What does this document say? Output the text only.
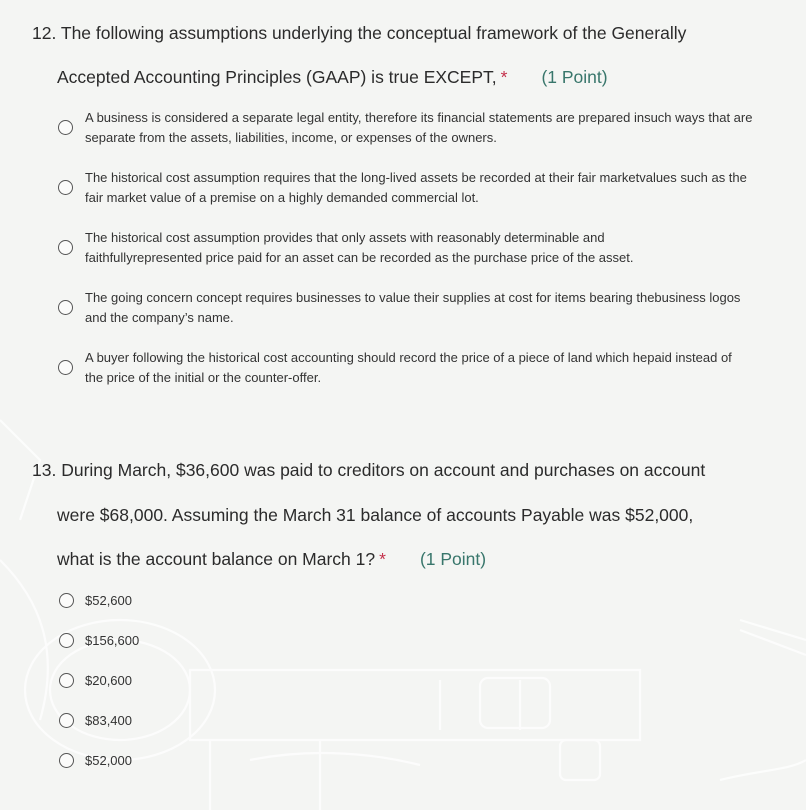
12. The following assumptions underlying the conceptual framework of the Generally
Accepted Accounting Principles (GAAP) is true EXCEPT, * (1 Point)
A business is considered a separate legal entity, therefore its financial statements are prepared insuch ways that are separate from the assets, liabilities, income, or expenses of the owners.
The historical cost assumption requires that the long-lived assets be recorded at their fair marketvalues such as the fair market value of a premise on a highly demanded commercial lot.
The historical cost assumption provides that only assets with reasonably determinable and faithfullyrepresented price paid for an asset can be recorded as the purchase price of the asset.
The going concern concept requires businesses to value their supplies at cost for items bearing thebusiness logos and the company’s name.
A buyer following the historical cost accounting should record the price of a piece of land which hepaid instead of the price of the initial or the counter-offer.
13. During March, $36,600 was paid to creditors on account and purchases on account
were $68,000. Assuming the March 31 balance of accounts Payable was $52,000,
what is the account balance on March 1? * (1 Point)
$52,600
$156,600
$20,600
$83,400
$52,000
